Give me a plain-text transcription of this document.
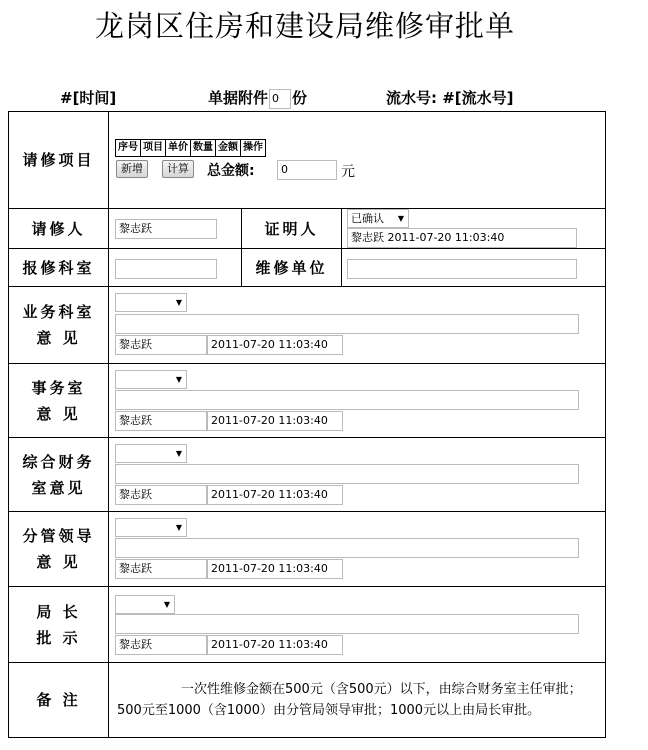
龙岗区住房和建设局维修审批单
#[时间]	单据附件 0 份	流水号: #[流水号]
请修项目	
序号	项目	单价	数量	金额	操作
新增	计算	总金额:	0	元

请修人	黎志跃	证明人	
已确认 ▼
黎志跃 2011-07-20 11:03:40

报修科室		维修单位	

业务科室
意 见

▼
黎志跃	2011-07-20 11:03:40

事务室
意 见

▼
黎志跃	2011-07-20 11:03:40

综合财务
室意见

▼
黎志跃	2011-07-20 11:03:40

分管领导
意 见

▼
黎志跃	2011-07-20 11:03:40

局 长
批 示

▼
黎志跃	2011-07-20 11:03:40

备 注	
一次性维修金额在500元（含500元）以下，由综合财务室主任审批；500元至1000（含1000）由分管局领导审批；1000元以上由局长审批。
